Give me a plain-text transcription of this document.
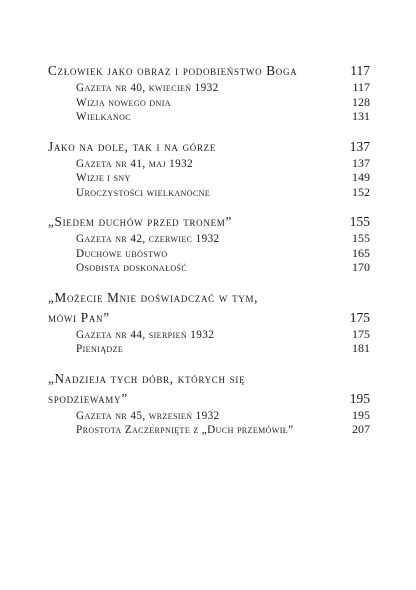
Człowiek jako obraz i podobieństwo Boga	117
Gazeta nr 40, kwiecień 1932	117
Wizja nowego dnia	128
Wielkanoc	131
Jako na dole, tak i na górze	137
Gazeta nr 41, maj 1932	137
Wizje i sny	149
Uroczystości wielkanocne	152
„Siedem duchów przed tronem”	155
Gazeta nr 42, czerwiec 1932	155
Duchowe ubóstwo	165
Osobista doskonałość	170
„Możecie Mnie doświadczać w tym,
mówi Pan”	175
Gazeta nr 44, sierpień 1932	175
Pieniądze	181
„Nadzieja tych dóbr, których się
spodziewamy”	195
Gazeta nr 45, wrzesień 1932	195
Prostota Zaczerpnięte z „Duch przemówił”	207
